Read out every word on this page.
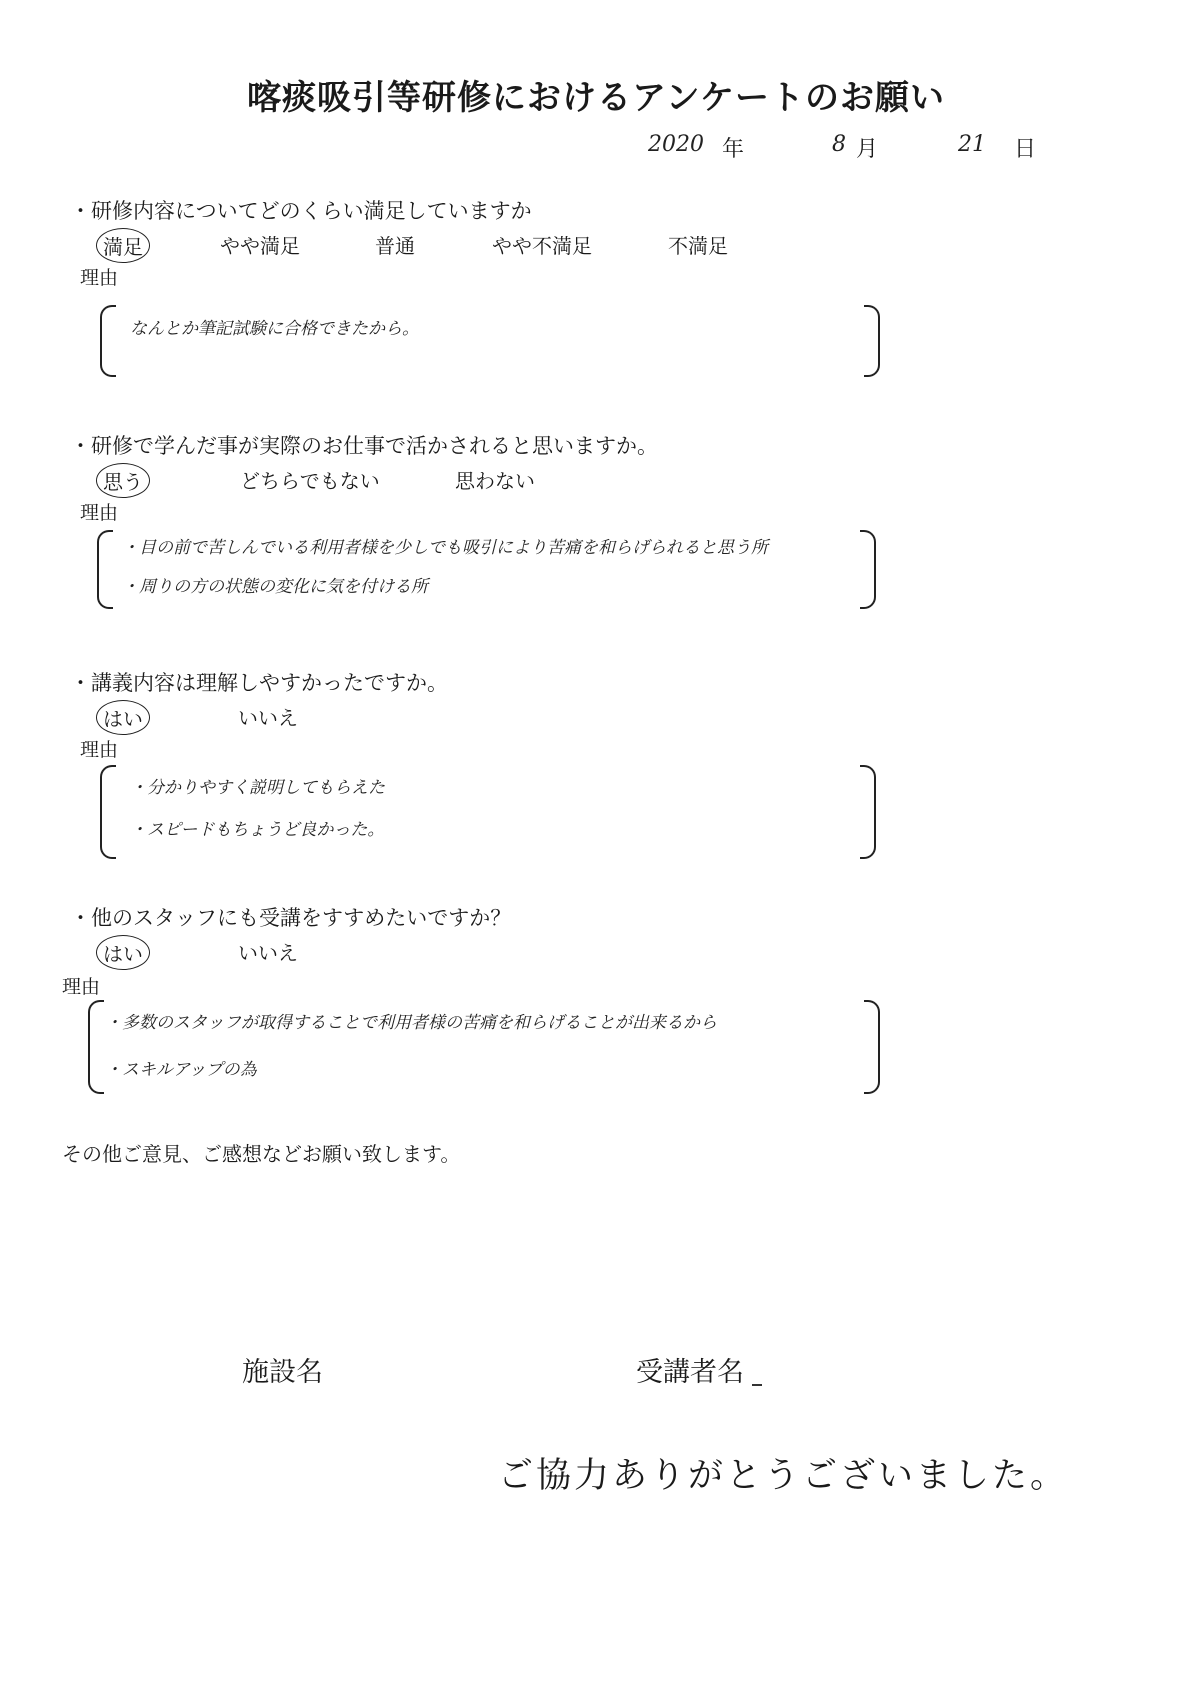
喀痰吸引等研修におけるアンケートのお願い
2020 年	8 月	21 日
・研修内容についてどのくらい満足していますか
満足	やや満足	普通	やや不満足	不満足
理由
なんとか筆記試験に合格できたから。
・研修で学んだ事が実際のお仕事で活かされると思いますか。
思う	どちらでもない	思わない
理由
・目の前で苦しんでいる利用者様を少しでも吸引により苦痛を和らげられると思う所
・周りの方の状態の変化に気を付ける所
・講義内容は理解しやすかったですか。
はい	いいえ
理由
・分かりやすく説明してもらえた
・スピードもちょうど良かった。
・他のスタッフにも受講をすすめたいですか？
はい	いいえ
理由
・多数のスタッフが取得することで利用者様の苦痛を和らげることが出来るから
・スキルアップの為
その他ご意見、ご感想などお願い致します。
施設名	受講者名
ご協力ありがとうございました。
